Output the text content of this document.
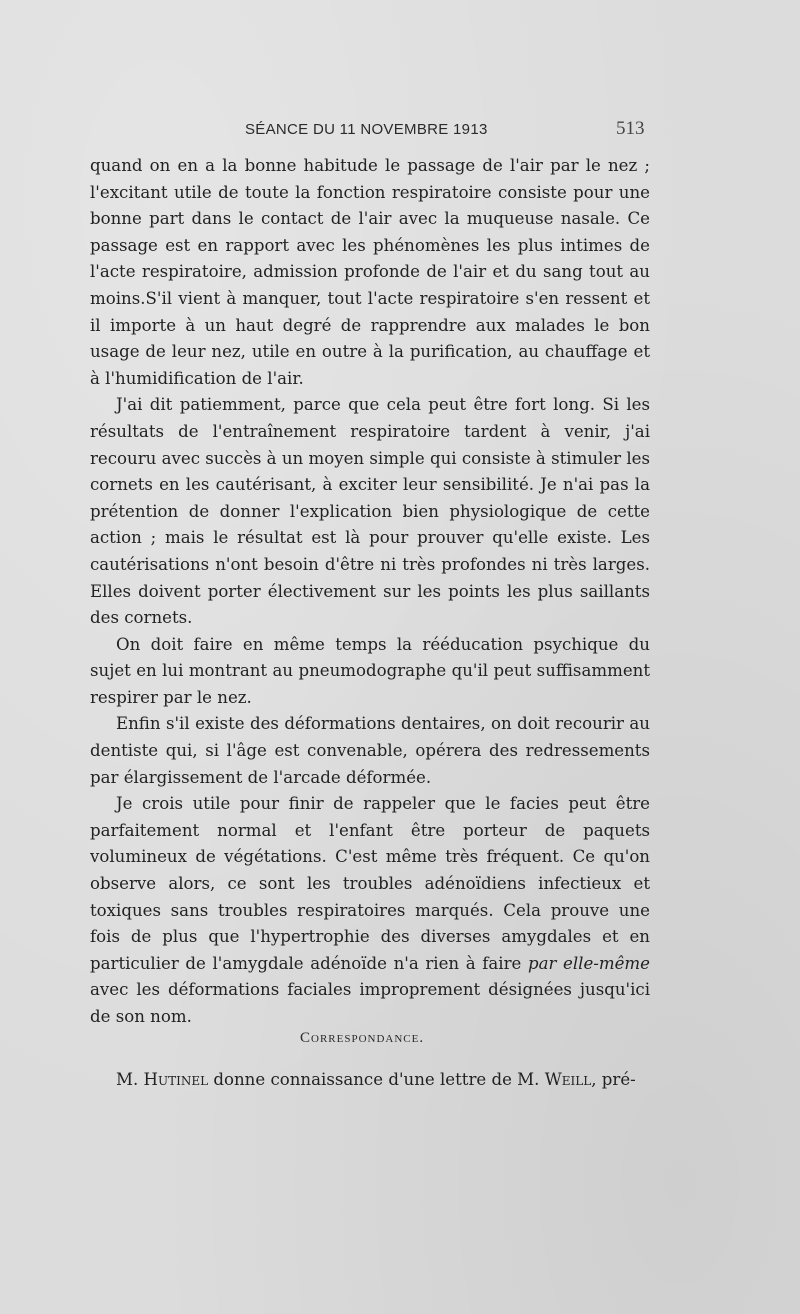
SÉANCE DU 11 NOVEMBRE 1913	513

quand on en a la bonne habitude le passage de l'air par le nez ; l'excitant utile de toute la fonction respiratoire consiste pour une bonne part dans le contact de l'air avec la muqueuse nasale. Ce passage est en rapport avec les phénomènes les plus intimes de l'acte respiratoire, admission profonde de l'air et du sang tout au moins.S'il vient à manquer, tout l'acte respiratoire s'en ressent et il importe à un haut degré de rapprendre aux malades le bon usage de leur nez, utile en outre à la purification, au chauffage et à l'humidification de l'air.

J'ai dit patiemment, parce que cela peut être fort long. Si les résultats de l'entraînement respiratoire tardent à venir, j'ai recouru avec succès à un moyen simple qui consiste à stimuler les cornets en les cautérisant, à exciter leur sensibilité. Je n'ai pas la prétention de donner l'explication bien physiologique de cette action ; mais le résultat est là pour prouver qu'elle existe. Les cautérisations n'ont besoin d'être ni très profondes ni très larges. Elles doivent porter électivement sur les points les plus saillants des cornets.

On doit faire en même temps la rééducation psychique du sujet en lui montrant au pneumodographe qu'il peut suffisamment respirer par le nez.

Enfin s'il existe des déformations dentaires, on doit recourir au dentiste qui, si l'âge est convenable, opérera des redressements par élargissement de l'arcade déformée.

Je crois utile pour finir de rappeler que le facies peut être parfaitement normal et l'enfant être porteur de paquets volumineux de végétations. C'est même très fréquent. Ce qu'on observe alors, ce sont les troubles adénoïdiens infectieux et toxiques sans troubles respiratoires marqués. Cela prouve une fois de plus que l'hypertrophie des diverses amygdales et en particulier de l'amygdale adénoïde n'a rien à faire par elle-même avec les déformations faciales improprement désignées jusqu'ici de son nom.

Correspondance.
M. Hutinel donne connaissance d'une lettre de M. Weill, pré-
